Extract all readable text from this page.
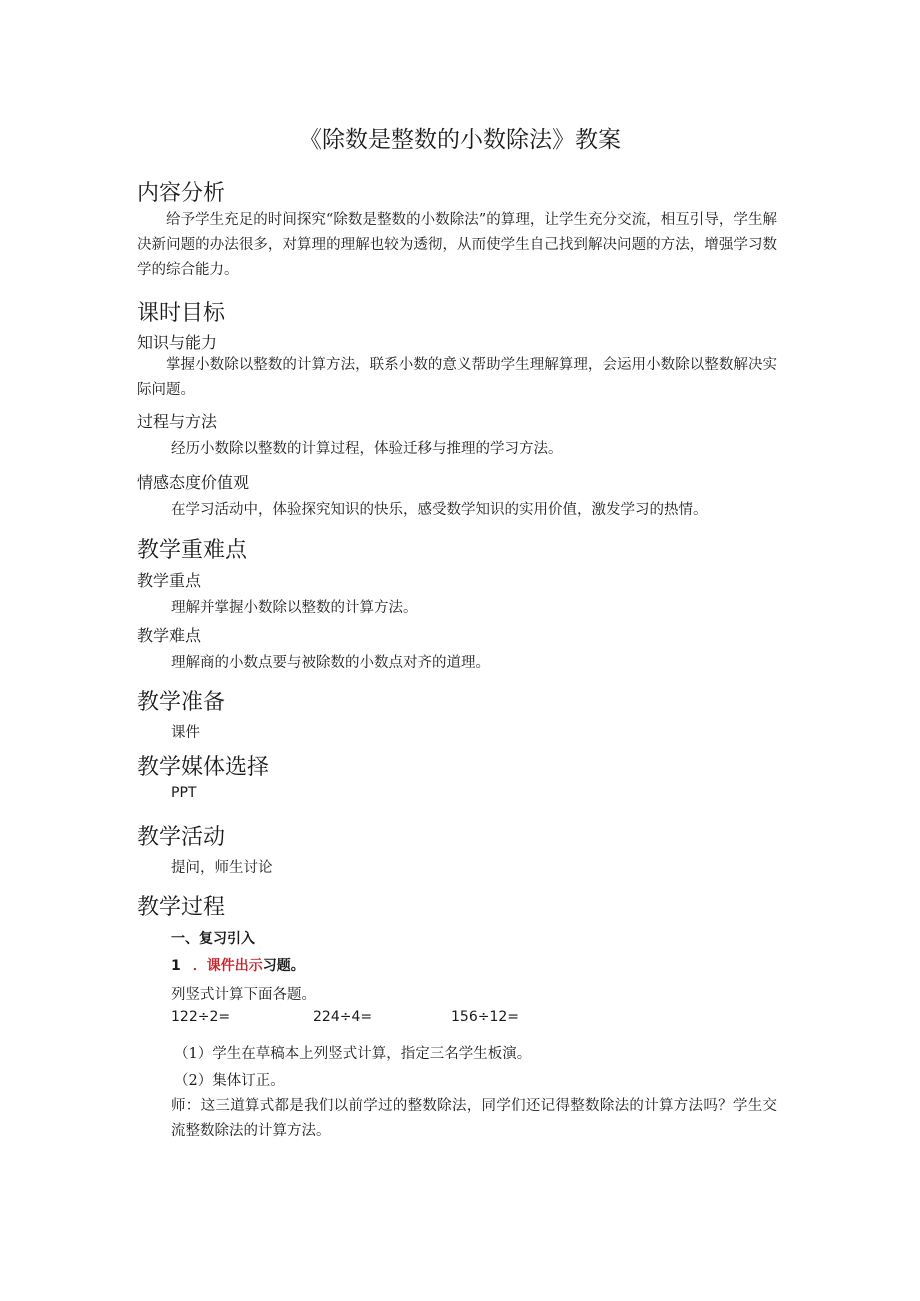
《除数是整数的小数除法》教案
内容分析
给予学生充足的时间探究“除数是整数的小数除法”的算理，让学生充分交流，相互引导，学生解决新问题的办法很多，对算理的理解也较为透彻，从而使学生自己找到解决问题的方法，增强学习数学的综合能力。
课时目标
知识与能力
掌握小数除以整数的计算方法，联系小数的意义帮助学生理解算理，会运用小数除以整数解决实际问题。
过程与方法
经历小数除以整数的计算过程，体验迁移与推理的学习方法。
情感态度价值观
在学习活动中，体验探究知识的快乐，感受数学知识的实用价值，激发学习的热情。
教学重难点
教学重点
理解并掌握小数除以整数的计算方法。
教学难点
理解商的小数点要与被除数的小数点对齐的道理。
教学准备
课件
教学媒体选择
PPT
教学活动
提问，师生讨论
教学过程
一、复习引入
1 ．课件出示习题。
列竖式计算下面各题。
122÷2=	224÷4=	156÷12=
（1）学生在草稿本上列竖式计算，指定三名学生板演。
（2）集体订正。
师：这三道算式都是我们以前学过的整数除法，同学们还记得整数除法的计算方法吗？学生交流整数除法的计算方法。
